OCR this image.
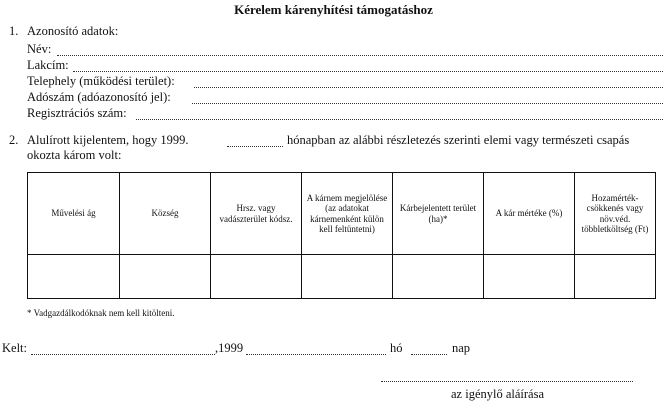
Kérelem kárenyhítési támogatáshoz
1. Azonosító adatok:
Név:
Lakcím:
Telephely (működési terület):
Adószám (adóazonosító jel):
Regisztrációs szám:
2. Alulírott kijelentem, hogy 1999.	hónapban az alábbi részletezés szerinti elemi vagy természeti csapás
okozta károm volt:
Művelési ág	Község	Hrsz. vagy vadászterület kódsz.	A kárnem megjelölése (az adatokat kárnemenként külön kell feltüntetni)	Kárbejelentett terület (ha)*	A kár mértéke (%)	Hozamérték-csökkenés vagy növ.véd. többletköltség (Ft)

* Vadgazdálkodóknak nem kell kitölteni.
Kelt:	,1999	hó	nap
az igénylő aláírása
